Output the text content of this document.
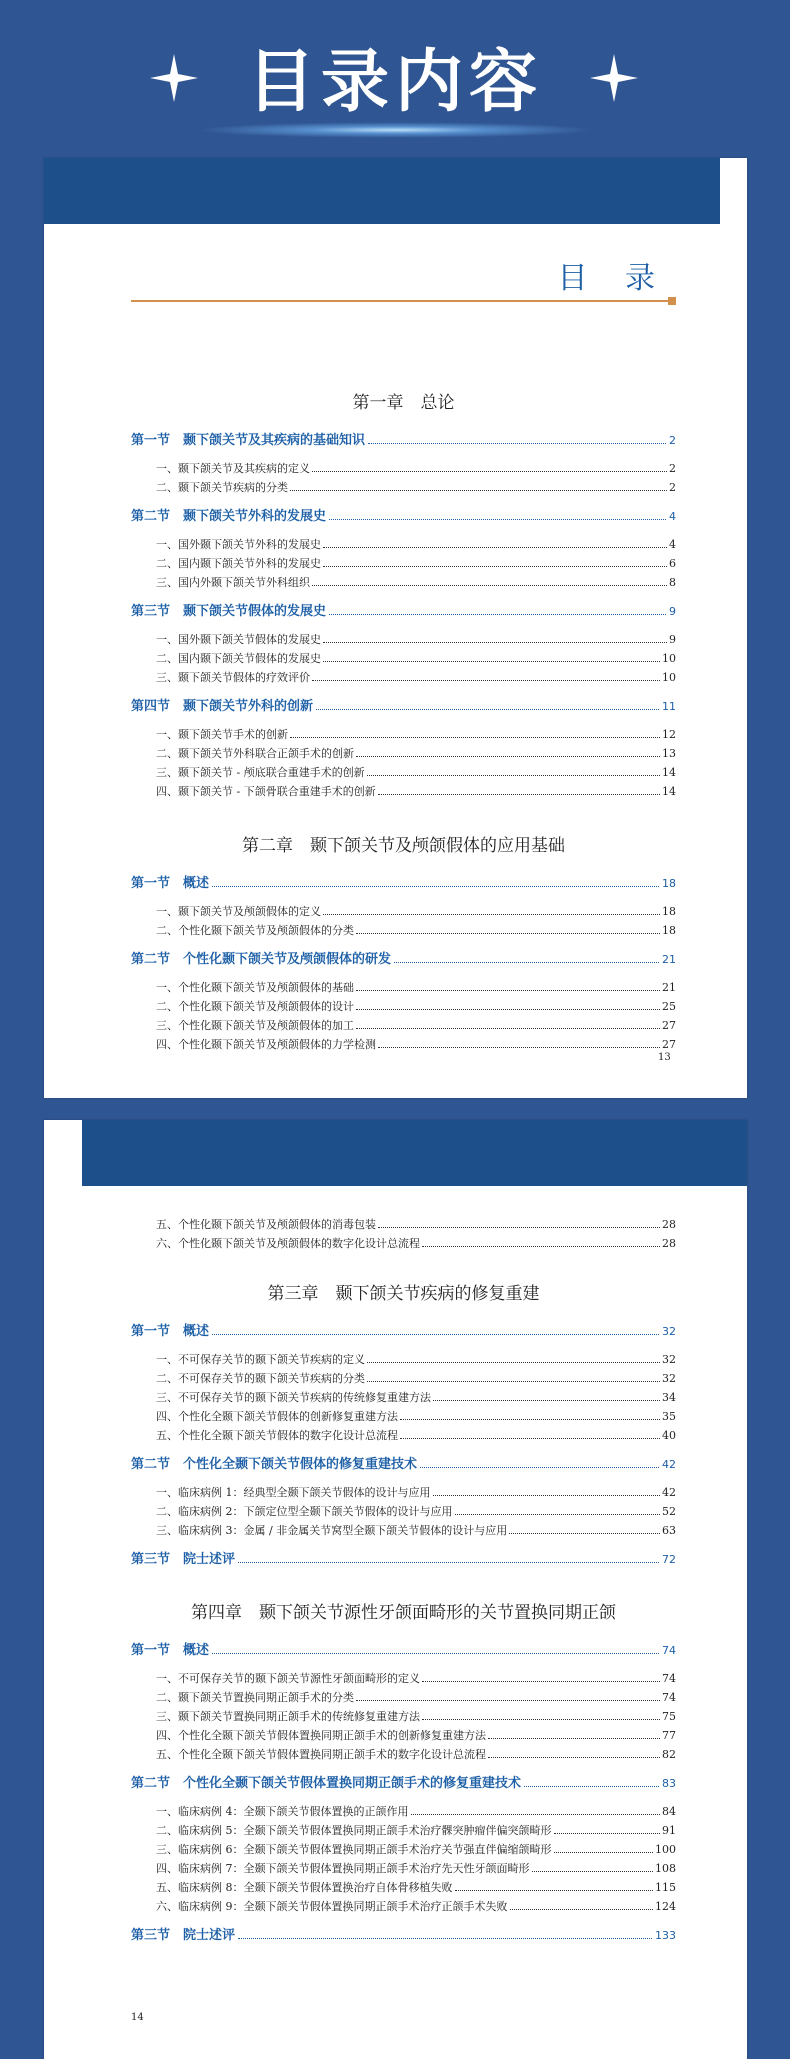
目录内容
目 录
第一章　总论
第一节　颞下颌关节及其疾病的基础知识	2
一、颞下颌关节及其疾病的定义	2
二、颞下颌关节疾病的分类	2
第二节　颞下颌关节外科的发展史	4
一、国外颞下颌关节外科的发展史	4
二、国内颞下颌关节外科的发展史	6
三、国内外颞下颌关节外科组织	8
第三节　颞下颌关节假体的发展史	9
一、国外颞下颌关节假体的发展史	9
二、国内颞下颌关节假体的发展史	10
三、颞下颌关节假体的疗效评价	10
第四节　颞下颌关节外科的创新	11
一、颞下颌关节手术的创新	12
二、颞下颌关节外科联合正颌手术的创新	13
三、颞下颌关节 - 颅底联合重建手术的创新	14
四、颞下颌关节 - 下颌骨联合重建手术的创新	14
第二章　颞下颌关节及颅颌假体的应用基础
第一节　概述	18
一、颞下颌关节及颅颌假体的定义	18
二、个性化颞下颌关节及颅颌假体的分类	18
第二节　个性化颞下颌关节及颅颌假体的研发	21
一、个性化颞下颌关节及颅颌假体的基础	21
二、个性化颞下颌关节及颅颌假体的设计	25
三、个性化颞下颌关节及颅颌假体的加工	27
四、个性化颞下颌关节及颅颌假体的力学检测	27
13
五、个性化颞下颌关节及颅颌假体的消毒包装	28
六、个性化颞下颌关节及颅颌假体的数字化设计总流程	28
第三章　颞下颌关节疾病的修复重建
第一节　概述	32
一、不可保存关节的颞下颌关节疾病的定义	32
二、不可保存关节的颞下颌关节疾病的分类	32
三、不可保存关节的颞下颌关节疾病的传统修复重建方法	34
四、个性化全颞下颌关节假体的创新修复重建方法	35
五、个性化全颞下颌关节假体的数字化设计总流程	40
第二节　个性化全颞下颌关节假体的修复重建技术	42
一、临床病例 1：经典型全颞下颌关节假体的设计与应用	42
二、临床病例 2：下颌定位型全颞下颌关节假体的设计与应用	52
三、临床病例 3：金属 / 非金属关节窝型全颞下颌关节假体的设计与应用	63
第三节　院士述评	72
第四章　颞下颌关节源性牙颌面畸形的关节置换同期正颌
第一节　概述	74
一、不可保存关节的颞下颌关节源性牙颌面畸形的定义	74
二、颞下颌关节置换同期正颌手术的分类	74
三、颞下颌关节置换同期正颌手术的传统修复重建方法	75
四、个性化全颞下颌关节假体置换同期正颌手术的创新修复重建方法	77
五、个性化全颞下颌关节假体置换同期正颌手术的数字化设计总流程	82
第二节　个性化全颞下颌关节假体置换同期正颌手术的修复重建技术	83
一、临床病例 4：全颞下颌关节假体置换的正颌作用	84
二、临床病例 5：全颞下颌关节假体置换同期正颌手术治疗髁突肿瘤伴偏突颌畸形	91
三、临床病例 6：全颞下颌关节假体置换同期正颌手术治疗关节强直伴偏缩颌畸形	100
四、临床病例 7：全颞下颌关节假体置换同期正颌手术治疗先天性牙颌面畸形	108
五、临床病例 8：全颞下颌关节假体置换治疗自体骨移植失败	115
六、临床病例 9：全颞下颌关节假体置换同期正颌手术治疗正颌手术失败	124
第三节　院士述评	133
14
